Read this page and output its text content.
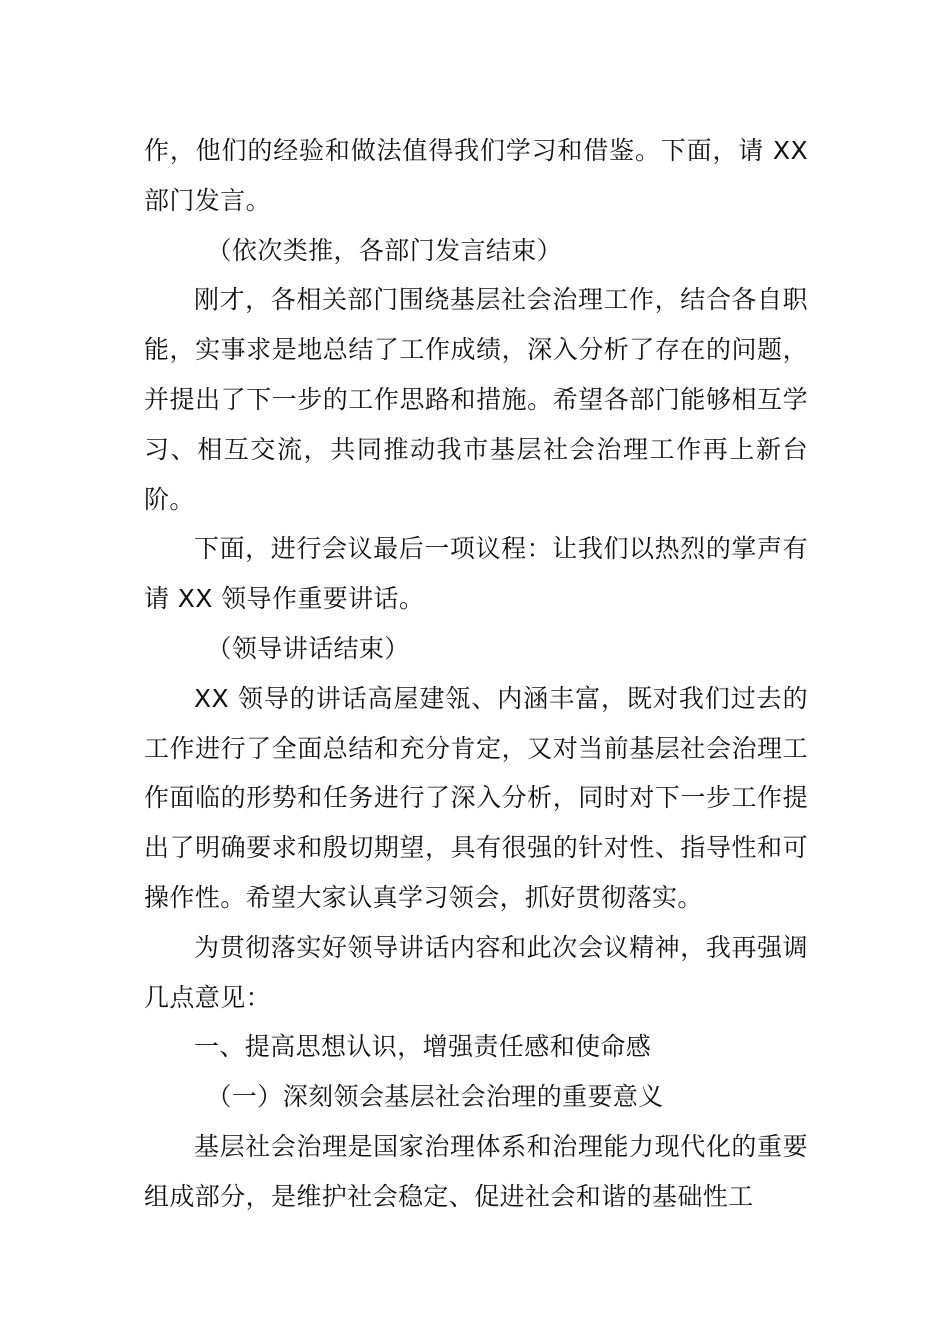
作，他们的经验和做法值得我们学习和借鉴。下面，请 XX 部门发言。

（依次类推，各部门发言结束）

刚才，各相关部门围绕基层社会治理工作，结合各自职能，实事求是地总结了工作成绩，深入分析了存在的问题，并提出了下一步的工作思路和措施。希望各部门能够相互学习、相互交流，共同推动我市基层社会治理工作再上新台阶。

下面，进行会议最后一项议程：让我们以热烈的掌声有请 XX 领导作重要讲话。

（领导讲话结束）

XX 领导的讲话高屋建瓴、内涵丰富，既对我们过去的工作进行了全面总结和充分肯定，又对当前基层社会治理工作面临的形势和任务进行了深入分析，同时对下一步工作提出了明确要求和殷切期望，具有很强的针对性、指导性和可操作性。希望大家认真学习领会，抓好贯彻落实。

为贯彻落实好领导讲话内容和此次会议精神，我再强调几点意见：

一、提高思想认识，增强责任感和使命感

（一）深刻领会基层社会治理的重要意义

基层社会治理是国家治理体系和治理能力现代化的重要组成部分，是维护社会稳定、促进社会和谐的基础性工
